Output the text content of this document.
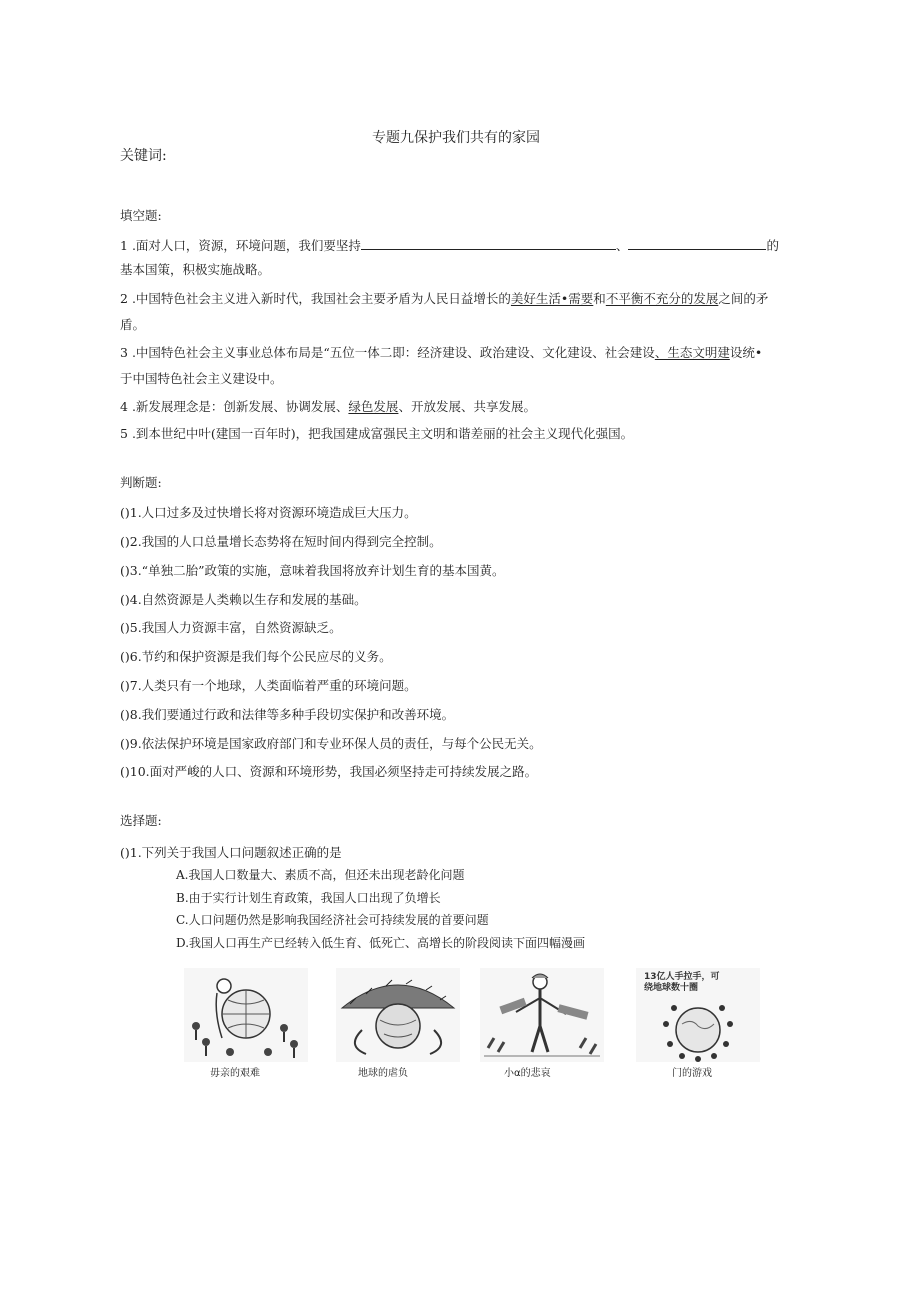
专题九保护我们共有的家园
关键词:
填空题:
1 .面对人口，资源，环境问题，我们要坚持	、	的
基本国策，积极实施战略。
2 .中国特色社会主义进入新时代，我国社会主要矛盾为人民日益增长的美好生活•需要和不平衡不充分的发展之间的矛
盾。
3 .中国特色社会主义事业总体布局是“五位一体二即：经济建设、政治建设、文化建设、社会建设、生态文明建设统•
于中国特色社会主义建设中。
4 .新发展理念是：创新发展、协调发展、绿色发展、开放发展、共享发展。
5 .到本世纪中叶(建国一百年时)，把我国建成富强民主文明和谐差丽的社会主义现代化强国。
判断题:
()1.人口过多及过快增长将对资源环境造成巨大压力。
()2.我国的人口总量增长态势将在短时间内得到完全控制。
()3.“单独二胎”政策的实施，意味着我国将放弃计划生育的基本国黄。
()4.自然资源是人类赖以生存和发展的基础。
()5.我国人力资源丰富，自然资源缺乏。
()6.节约和保护资源是我们每个公民应尽的义务。
()7.人类只有一个地球，人类面临着严重的环境问题。
()8.我们要通过行政和法律等多种手段切实保护和改善环境。
()9.依法保护环境是国家政府部门和专业环保人员的责任，与每个公民无关。
()10.面对严峻的人口、资源和环境形势，我国必须坚持走可持续发展之路。
选择题:
()1.下列关于我国人口问题叙述正确的是
A.我国人口数量大、素质不高，但还未出现老龄化问题
B.由于实行计划生育政策，我国人口出现了负增长
C.人口问题仍然是影响我国经济社会可持续发展的首要问题
D.我国人口再生产已经转入低生育、低死亡、高增长的阶段阅读下面四幅漫画
毋亲的艰难	地球的虐负	小α的悲哀
13亿人手拉手，可
绕地球数十圈
门的游戏
